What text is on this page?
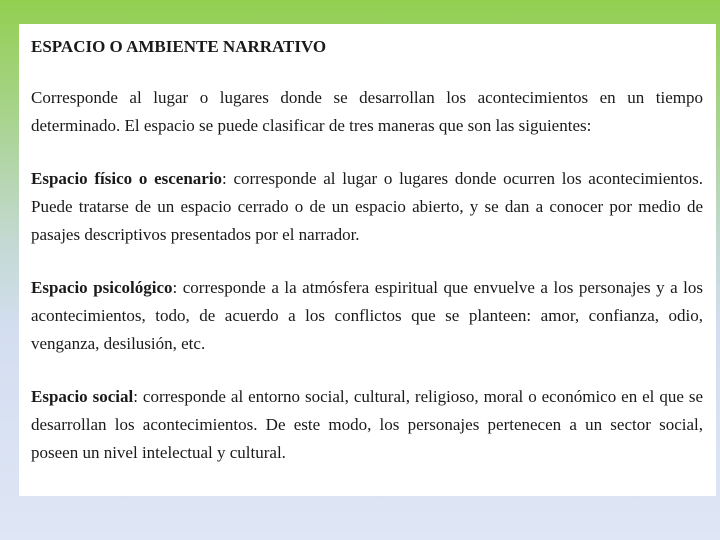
ESPACIO O AMBIENTE NARRATIVO

Corresponde al lugar o lugares donde se desarrollan los acontecimientos en un tiempo determinado. El espacio se puede clasificar de tres maneras que son las siguientes:

Espacio físico o escenario: corresponde al lugar o lugares donde ocurren los acontecimientos. Puede tratarse de un espacio cerrado o de un espacio abierto, y se dan a conocer por medio de pasajes descriptivos presentados por el narrador.

Espacio psicológico: corresponde a la atmósfera espiritual que envuelve a los personajes y a los acontecimientos, todo, de acuerdo a los conflictos que se planteen: amor, confianza, odio, venganza, desilusión, etc.

Espacio social: corresponde al entorno social, cultural, religioso, moral o económico en el que se desarrollan los acontecimientos. De este modo, los personajes pertenecen a un sector social, poseen un nivel intelectual y cultural.
